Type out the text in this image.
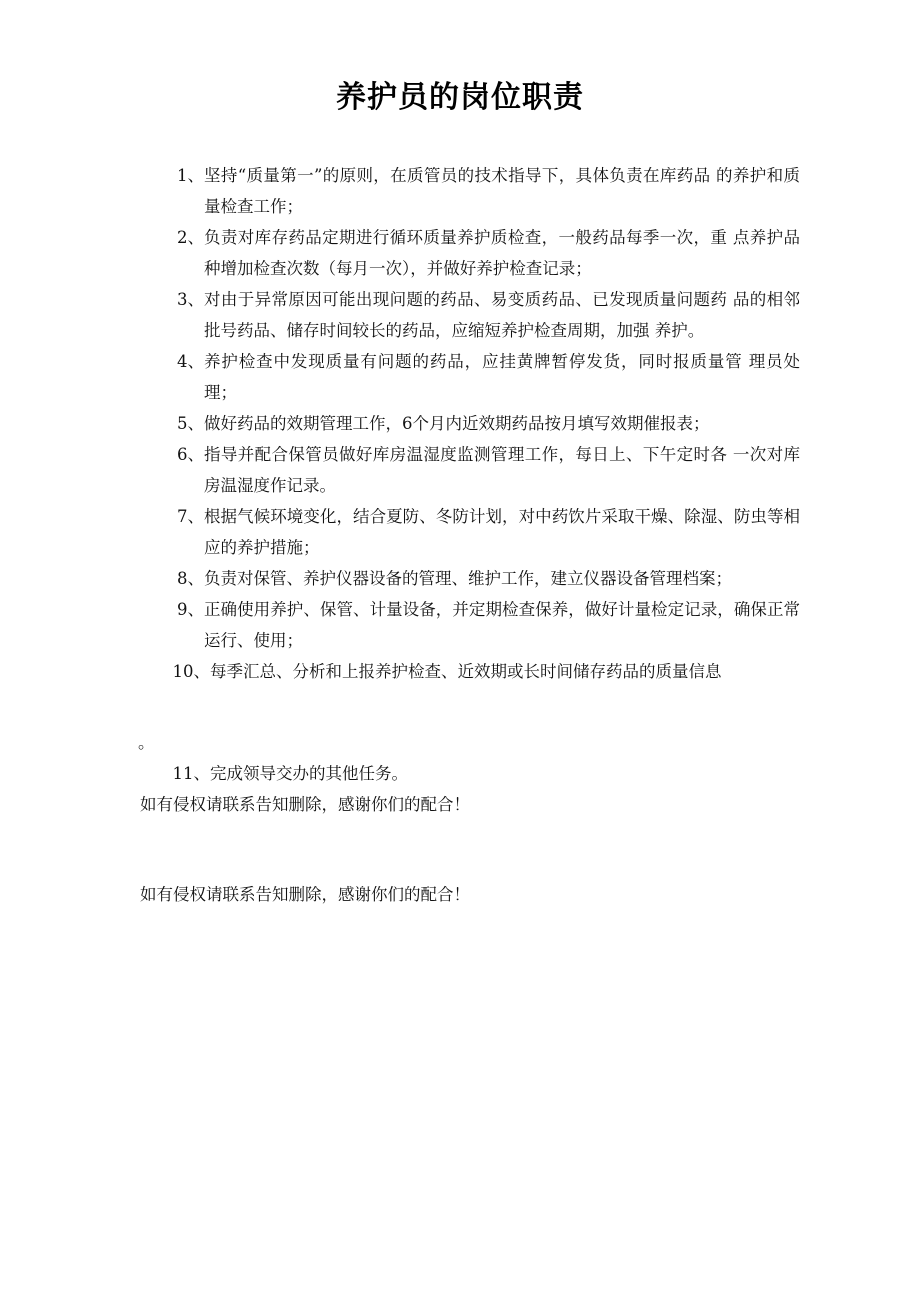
养护员的岗位职责
1、 坚持“质量第一”的原则，在质管员的技术指导下，具体负责在库药品 的养护和质量检查工作；
2、 负责对库存药品定期进行循环质量养护质检查，一般药品每季一次，重 点养护品种增加检查次数（每月一次），并做好养护检查记录；
3、 对由于异常原因可能出现问题的药品、易变质药品、已发现质量问题药 品的相邻批号药品、储存时间较长的药品，应缩短养护检查周期，加强 养护。
4、 养护检查中发现质量有问题的药品，应挂黄牌暂停发货，同时报质量管 理员处理；
5、 做好药品的效期管理工作，6个月内近效期药品按月填写效期催报表；
6、 指导并配合保管员做好库房温湿度监测管理工作，每日上、下午定时各 一次对库房温湿度作记录。
7、 根据气候环境变化，结合夏防、冬防计划，对中药饮片采取干燥、除湿、防虫等相应的养护措施；
8、 负责对保管、养护仪器设备的管理、维护工作，建立仪器设备管理档案；
9、 正确使用养护、保管、计量设备，并定期检查保养，做好计量检定记录，确保正常运行、使用；
10、 每季汇总、分析和上报养护检查、近效期或长时间储存药品的质量信息
。
11、 完成领导交办的其他任务。
如有侵权请联系告知删除，感谢你们的配合！
如有侵权请联系告知删除，感谢你们的配合！
